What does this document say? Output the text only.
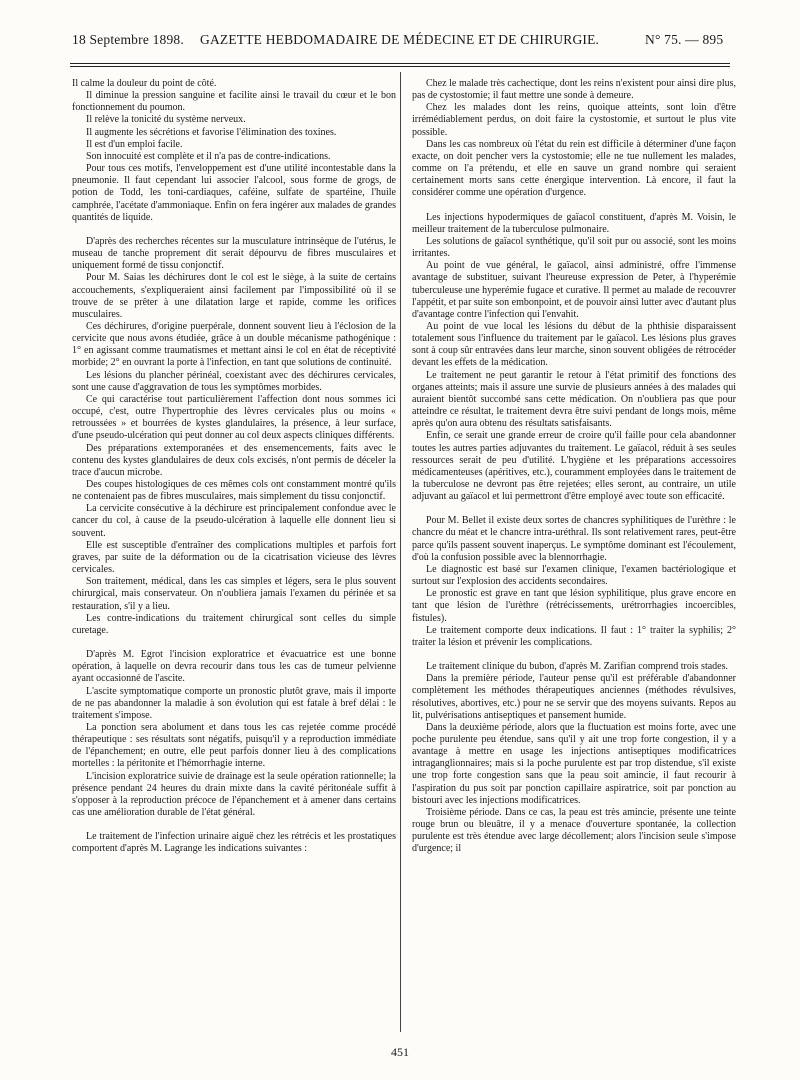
18 Septembre 1898. GAZETTE HEBDOMADAIRE DE MÉDECINE ET DE CHIRURGIE.	N° 75. — 895

Il calme la douleur du point de côté.

Il diminue la pression sanguine et facilite ainsi le travail du cœur et le bon fonctionnement du poumon.

Il relève la tonicité du système nerveux.

Il augmente les sécrétions et favorise l'élimination des toxines.

Il est d'un emploi facile.

Son innocuité est complète et il n'a pas de contre-indications.

Pour tous ces motifs, l'enveloppement est d'une utilité incontestable dans la pneumonie. Il faut cependant lui associer l'alcool, sous forme de grogs, de potion de Todd, les toni-cardiaques, caféine, sulfate de spartéine, l'huile camphrée, l'acétate d'ammoniaque. Enfin on fera ingérer aux malades de grandes quantités de liquide.

D'après des recherches récentes sur la musculature intrinsèque de l'utérus, le museau de tanche proprement dit serait dépourvu de fibres musculaires et uniquement formé de tissu conjonctif.

Pour M. Saias les déchirures dont le col est le siège, à la suite de certains accouchements, s'expliqueraient ainsi facilement par l'impossibilité où il se trouve de se prêter à une dilatation large et rapide, comme les orifices musculaires.

Ces déchirures, d'origine puerpérale, donnent souvent lieu à l'éclosion de la cervicite que nous avons étudiée, grâce à un double mécanisme pathogénique : 1° en agissant comme traumatismes et mettant ainsi le col en état de réceptivité morbide; 2° en ouvrant la porte à l'infection, en tant que solutions de continuité.

Les lésions du plancher périnéal, coexistant avec des déchirures cervicales, sont une cause d'aggravation de tous les symptômes morbides.

Ce qui caractérise tout particulièrement l'affection dont nous sommes ici occupé, c'est, outre l'hypertrophie des lèvres cervicales plus ou moins « retroussées » et bourrées de kystes glandulaires, la présence, à leur surface, d'une pseudo-ulcération qui peut donner au col deux aspects cliniques différents.

Des préparations extemporanées et des ensemencements, faits avec le contenu des kystes glandulaires de deux cols excisés, n'ont permis de déceler la trace d'aucun microbe.

Des coupes histologiques de ces mêmes cols ont constamment montré qu'ils ne contenaient pas de fibres musculaires, mais simplement du tissu conjonctif.

La cervicite consécutive à la déchirure est principalement confondue avec le cancer du col, à cause de la pseudo-ulcération à laquelle elle donnent lieu si souvent.

Elle est susceptible d'entraîner des complications multiples et parfois fort graves, par suite de la déformation ou de la cicatrisation vicieuse des lèvres cervicales.

Son traitement, médical, dans les cas simples et légers, sera le plus souvent chirurgical, mais conservateur. On n'oubliera jamais l'examen du périnée et sa restauration, s'il y a lieu.

Les contre-indications du traitement chirurgical sont celles du simple curetage.

D'après M. Egrot l'incision exploratrice et évacuatrice est une bonne opération, à laquelle on devra recourir dans tous les cas de tumeur pelvienne ayant occasionné de l'ascite.

L'ascite symptomatique comporte un pronostic plutôt grave, mais il importe de ne pas abandonner la maladie à son évolution qui est fatale à bref délai : le traitement s'impose.

La ponction sera abolument et dans tous les cas rejetée comme procédé thérapeutique : ses résultats sont négatifs, puisqu'il y a reproduction immédiate de l'épanchement; en outre, elle peut parfois donner lieu à des complications mortelles : la péritonite et l'hémorrhagie interne.

L'incision exploratrice suivie de drainage est la seule opération rationnelle; la présence pendant 24 heures du drain mixte dans la cavité péritonéale suffit à s'opposer à la reproduction précoce de l'épanchement et à amener dans certains cas une amélioration durable de l'état général.

Le traitement de l'infection urinaire aiguë chez les rétrécis et les prostatiques comportent d'après M. Lagrange les indications suivantes :

Chez le malade très cachectique, dont les reins n'existent pour ainsi dire plus, pas de cystostomie; il faut mettre une sonde à demeure.

Chez les malades dont les reins, quoique atteints, sont loin d'être irrémédiablement perdus, on doit faire la cystostomie, et surtout le plus vite possible.

Dans les cas nombreux où l'état du rein est difficile à déterminer d'une façon exacte, on doit pencher vers la cystostomie; elle ne tue nullement les malades, comme on l'a prétendu, et elle en sauve un grand nombre qui seraient certainement morts sans cette énergique intervention. Là encore, il faut la considérer comme une opération d'urgence.

Les injections hypodermiques de gaïacol constituent, d'après M. Voisin, le meilleur traitement de la tuberculose pulmonaire.

Les solutions de gaïacol synthétique, qu'il soit pur ou associé, sont les moins irritantes.

Au point de vue général, le gaïacol, ainsi administré, offre l'immense avantage de substituer, suivant l'heureuse expression de Peter, à l'hyperémie tuberculeuse une hyperémie fugace et curative. Il permet au malade de recouvrer l'appétit, et par suite son embonpoint, et de pouvoir ainsi lutter avec d'autant plus d'avantage contre l'infection qui l'envahit.

Au point de vue local les lésions du début de la phthisie disparaissent totalement sous l'influence du traitement par le gaïacol. Les lésions plus graves sont à coup sûr entravées dans leur marche, sinon souvent obligées de rétrocéder devant les effets de la médication.

Le traitement ne peut garantir le retour à l'état primitif des fonctions des organes atteints; mais il assure une survie de plusieurs années à des malades qui auraient bientôt succombé sans cette médication. On n'oubliera pas que pour atteindre ce résultat, le traitement devra être suivi pendant de longs mois, même après qu'on aura obtenu des résultats satisfaisants.

Enfin, ce serait une grande erreur de croire qu'il faille pour cela abandonner toutes les autres parties adjuvantes du traitement. Le gaïacol, réduit à ses seules ressources serait de peu d'utilité. L'hygiène et les préparations accessoires médicamenteuses (apéritives, etc.), couramment employées dans le traitement de la tuberculose ne devront pas être rejetées; elles seront, au contraire, un utile adjuvant au gaïacol et lui permettront d'être employé avec toute son efficacité.

Pour M. Bellet il existe deux sortes de chancres syphilitiques de l'urèthre : le chancre du méat et le chancre intra-uréthral. Ils sont relativement rares, peut-être parce qu'ils passent souvent inaperçus. Le symptôme dominant est l'écoulement, d'où la confusion possible avec la blennorrhagie.

Le diagnostic est basé sur l'examen clinique, l'examen bactériologique et surtout sur l'explosion des accidents secondaires.

Le pronostic est grave en tant que lésion syphilitique, plus grave encore en tant que lésion de l'urèthre (rétrécissements, urétrorrhagies incoercibles, fistules).

Le traitement comporte deux indications. Il faut : 1° traiter la syphilis; 2° traiter la lésion et prévenir les complications.

Le traitement clinique du bubon, d'après M. Zarifian comprend trois stades.

Dans la première période, l'auteur pense qu'il est préférable d'abandonner complètement les méthodes thérapeutiques anciennes (méthodes révulsives, résolutives, abortives, etc.) pour ne se servir que des moyens suivants. Repos au lit, pulvérisations antiseptiques et pansement humide.

Dans la deuxième période, alors que la fluctuation est moins forte, avec une poche purulente peu étendue, sans qu'il y ait une trop forte congestion, il y a avantage à mettre en usage les injections antiseptiques modificatrices intraganglionnaires; mais si la poche purulente est par trop distendue, s'il existe une trop forte congestion sans que la peau soit amincie, il faut recourir à l'aspiration du pus soit par ponction capillaire aspiratrice, soit par ponction au bistouri avec les injections modificatrices.

Troisième période. Dans ce cas, la peau est très amincie, présente une teinte rouge brun ou bleuâtre, il y a menace d'ouverture spontanée, la collection purulente est très étendue avec large décollement; alors l'incision seule s'impose d'urgence; il

451
